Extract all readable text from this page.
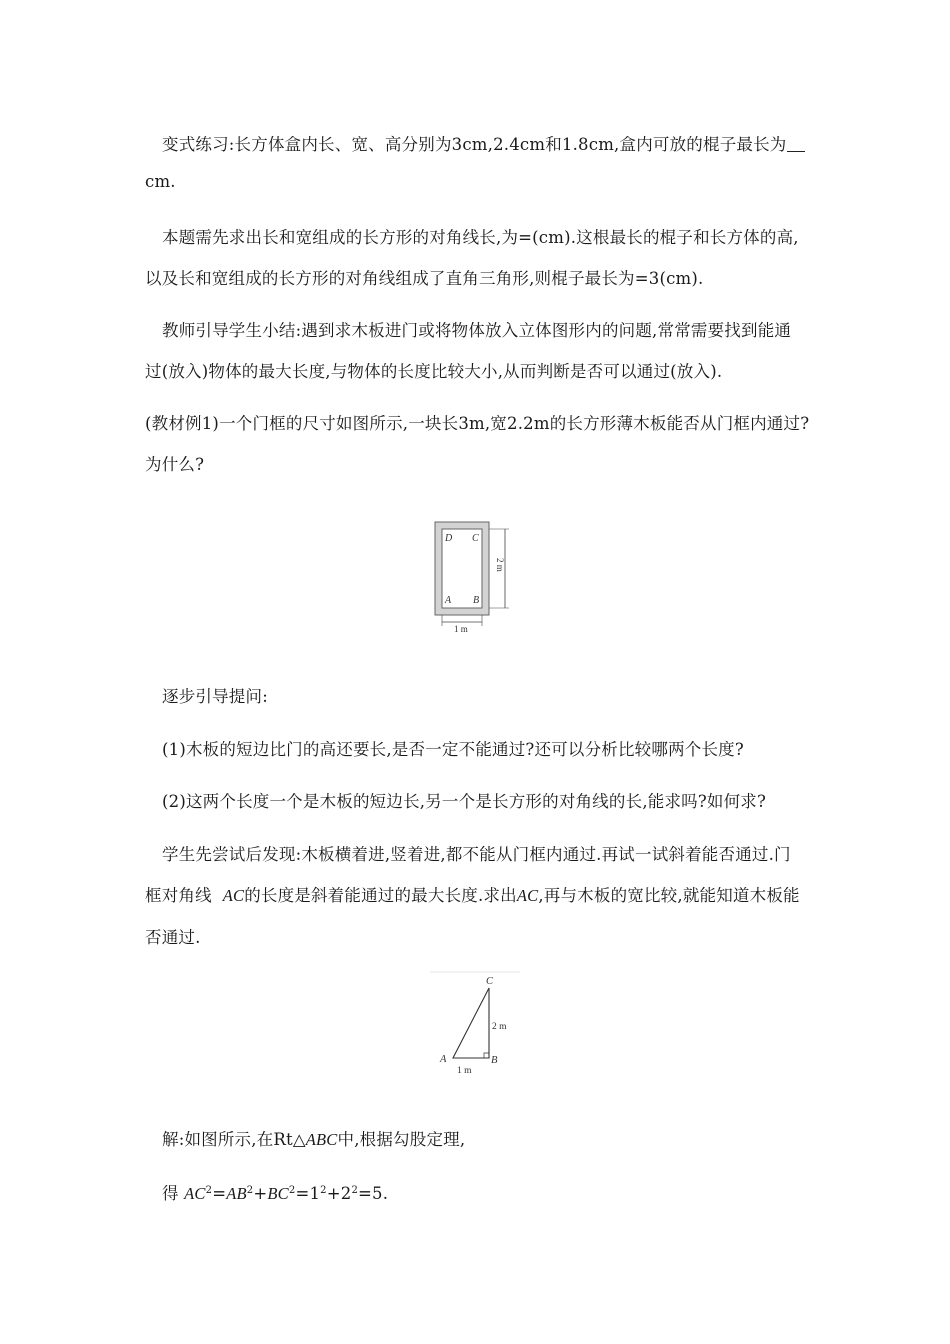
变式练习:长方体盒内长、宽、高分别为3cm,2.4cm和1.8cm,盒内可放的棍子最长为
cm.
本题需先求出长和宽组成的长方形的对角线长,为=(cm).这根最长的棍子和长方体的高,
以及长和宽组成的长方形的对角线组成了直角三角形,则棍子最长为=3(cm).
教师引导学生小结:遇到求木板进门或将物体放入立体图形内的问题,常常需要找到能通
过(放入)物体的最大长度,与物体的长度比较大小,从而判断是否可以通过(放入).
(教材例1)一个门框的尺寸如图所示,一块长3m,宽2.2m的长方形薄木板能否从门框内通过?
为什么?
D C
A B
2 m
1 m
逐步引导提问:
(1)木板的短边比门的高还要长,是否一定不能通过?还可以分析比较哪两个长度?
(2)这两个长度一个是木板的短边长,另一个是长方形的对角线的长,能求吗?如何求?
学生先尝试后发现:木板横着进,竖着进,都不能从门框内通过.再试一试斜着能否通过.门
框对角线 AC的长度是斜着能通过的最大长度.求出AC,再与木板的宽比较,就能知道木板能
否通过.
C
A	B
2 m
1 m
解:如图所示,在Rt△ABC中,根据勾股定理,
得 $AC^2=AB^2+BC^2=1^2+2^2=5$.
